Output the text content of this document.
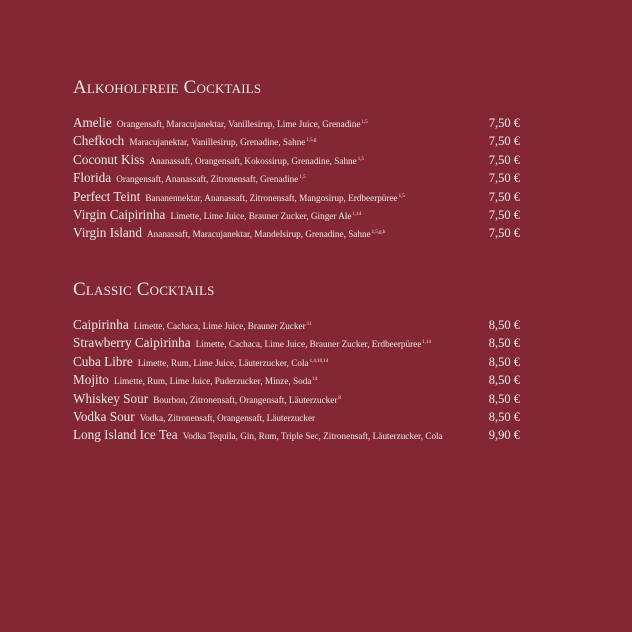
Alkoholfreie Cocktails
Amelie Orangensaft, Maracujanektar, Vanillesirup, Lime Juice, Grenadine$^{1,5}$	7,50 €
Chefkoch Maracujanektar, Vanillesirup, Grenadine, Sahne$^{1,5,g}$	7,50 €
Coconut Kiss Ananassaft, Orangensaft, Kokossirup, Grenadine, Sahne$^{1,5}$	7,50 €
Florida Orangensaft, Ananassaft, Zitronensaft, Grenadine$^{1,5}$	7,50 €
Perfect Teint Bananennektar, Ananassaft, Zitronensaft, Mangosirup, Erdbeerpüree$^{1,5}$	7,50 €
Virgin Caipirinha Limette, Lime Juice, Brauner Zucker, Ginger Ale$^{1,14}$	7,50 €
Virgin Island Ananassaft, Maracujanektar, Mandelsirup, Grenadine, Sahne$^{1,5,g,h}$	7,50 €
Classic Cocktails
Caipirinha Limette, Cachaca, Lime Juice, Brauner Zucker$^{11}$	8,50 €
Strawberry Caipirinha Limette, Cachaca, Lime Juice, Brauner Zucker, Erdbeerpüree$^{1,14}$	8,50 €
Cuba Libre Limette, Rum, Lime Juice, Läuterzucker, Cola$^{1,4,10,14}$	8,50 €
Mojito Limette, Rum, Lime Juice, Puderzucker, Minze, Soda$^{14}$	8,50 €
Whiskey Sour Bourbon, Zitronensaft, Orangensaft, Läuterzucker$^8$	8,50 €
Vodka Sour Vodka, Zitronensaft, Orangensaft, Läuterzucker	8,50 €
Long Island Ice Tea Vodka Tequila, Gin, Rum, Triple Sec, Zitronensaft, Läuterzucker, Cola	9,90 €
